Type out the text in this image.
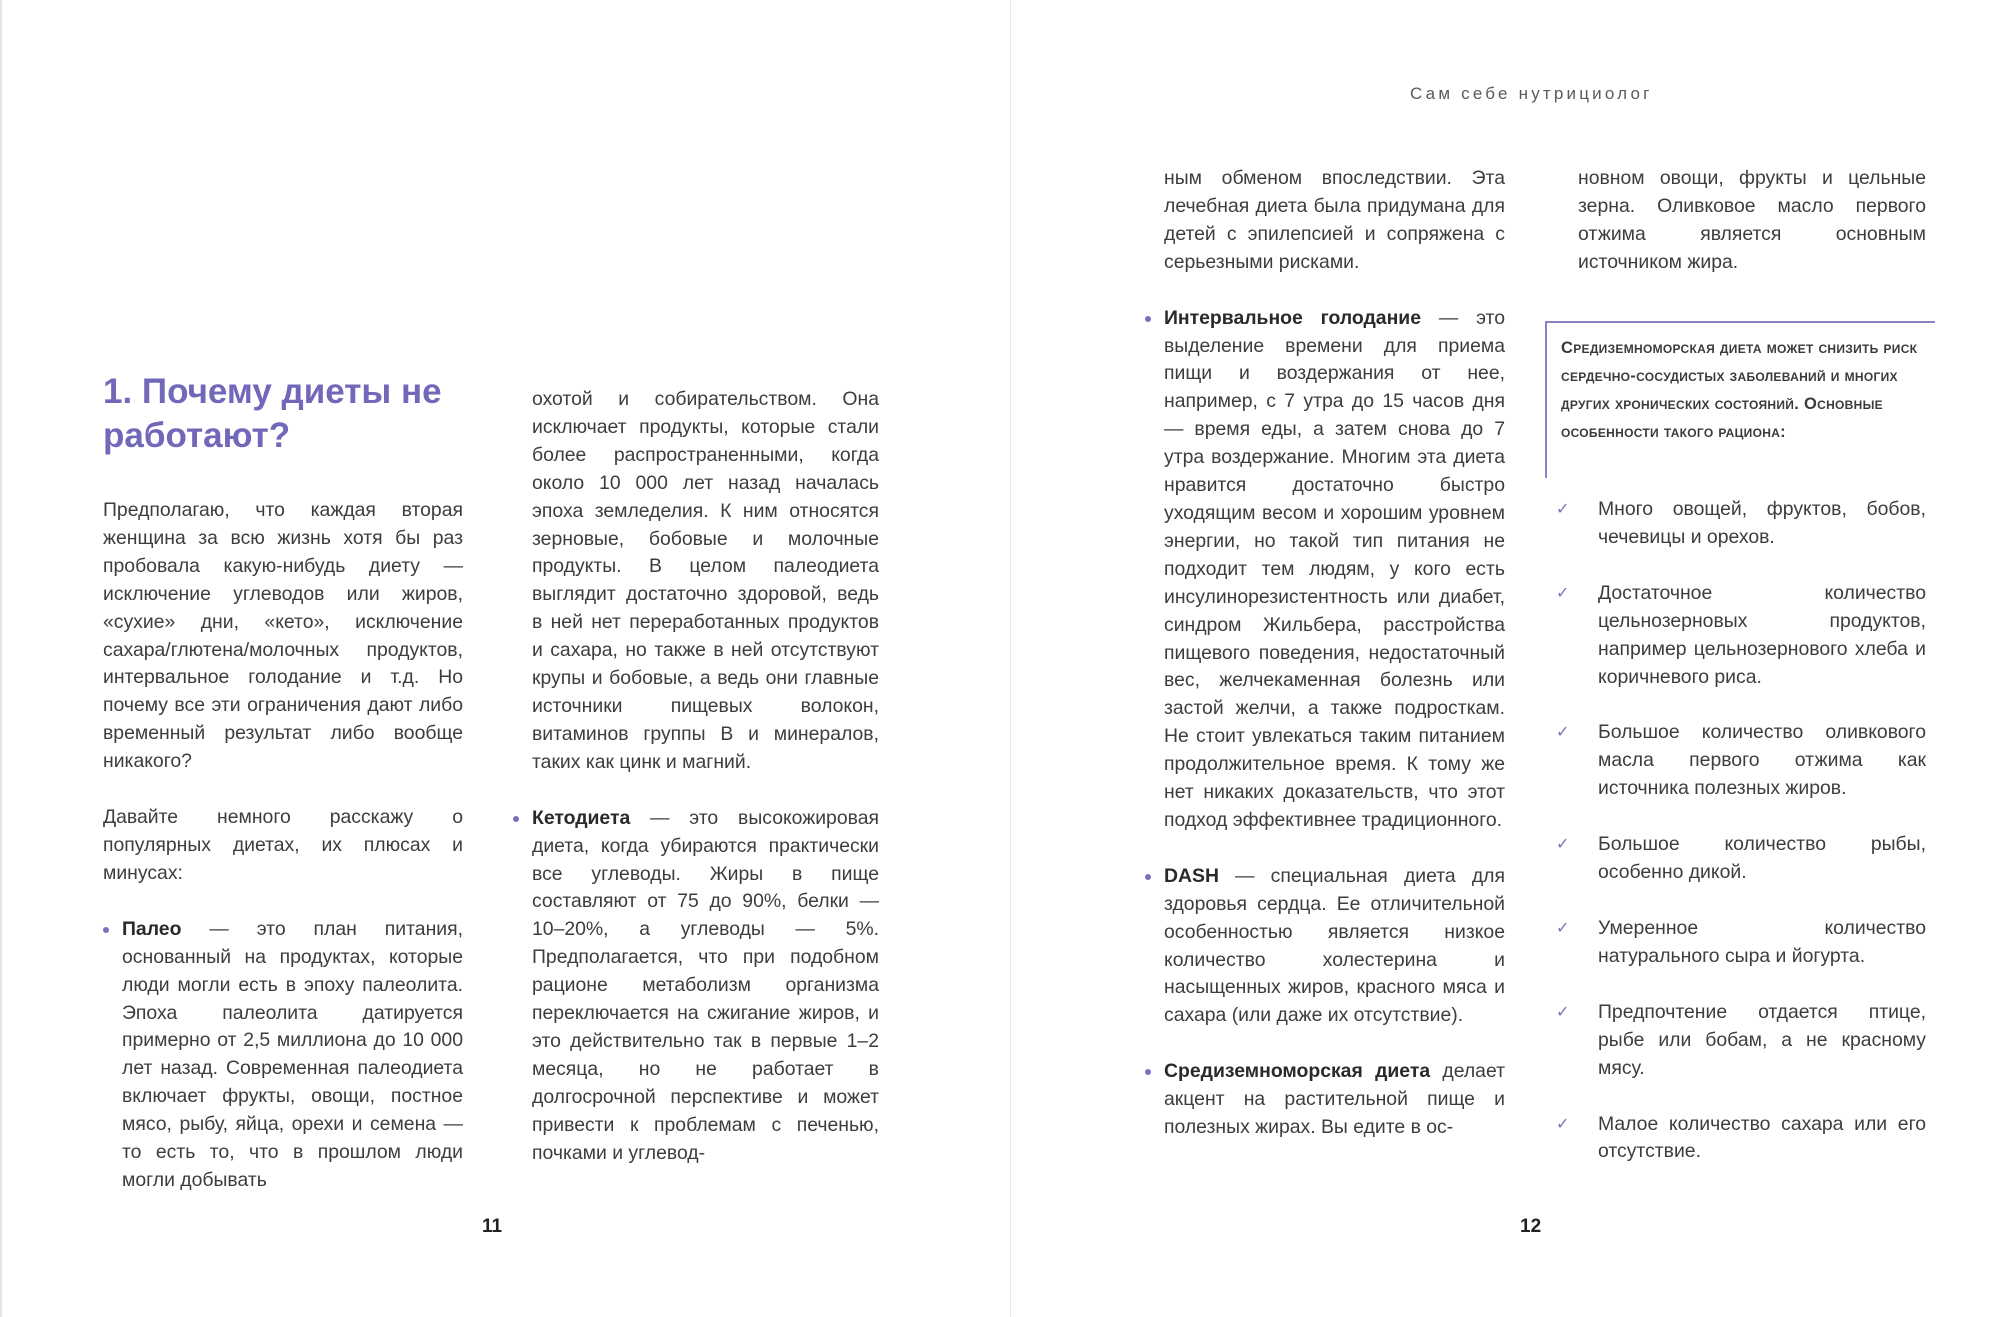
1. Почему диеты не работают?

Предполагаю, что каждая вторая женщина за всю жизнь хотя бы раз пробовала какую-нибудь диету — исключение углеводов или жиров, «сухие» дни, «кето», исключение сахара/глютена/молочных продуктов, интервальное голодание и т.д. Но почему все эти ограничения дают либо временный результат либо вообще никакого?

Давайте немного расскажу о популярных диетах, их плюсах и минусах:

Палео — это план питания, основанный на продуктах, которые люди могли есть в эпоху палеолита. Эпоха палеолита датируется примерно от 2,5 миллиона до 10 000 лет назад. Современная палеодиета включает фрукты, овощи, постное мясо, рыбу, яйца, орехи и семена — то есть то, что в прошлом люди могли добывать

охотой и собирательством. Она исключает продукты, которые стали более распространенными, когда около 10 000 лет назад началась эпоха земледелия. К ним относятся зерновые, бобовые и молочные продукты. В целом палеодиета выглядит достаточно здоровой, ведь в ней нет переработанных продуктов и сахара, но также в ней отсутствуют крупы и бобовые, а ведь они главные источники пищевых волокон, витаминов группы B и минералов, таких как цинк и магний.

Кетодиета — это высокожировая диета, когда убираются практически все углеводы. Жиры в пище составляют от 75 до 90%, белки — 10–20%, а углеводы — 5%. Предполагается, что при подобном рационе метаболизм организма переключается на сжигание жиров, и это действительно так в первые 1–2 месяца, но не работает в долгосрочной перспективе и может привести к проблемам с печенью, почками и углевод-

11
Сам себе нутрициолог

ным обменом впоследствии. Эта лечебная диета была придумана для детей с эпилепсией и сопряжена с серьезными рисками.

Интервальное голодание — это выделение времени для приема пищи и воздержания от нее, например, с 7 утра до 15 часов дня — время еды, а затем снова до 7 утра воздержание. Многим эта диета нравится достаточно быстро уходящим весом и хорошим уровнем энергии, но такой тип питания не подходит тем людям, у кого есть инсулинорезистентность или диабет, синдром Жильбера, расстройства пищевого поведения, недостаточный вес, желчекаменная болезнь или застой желчи, а также подросткам. Не стоит увлекаться таким питанием продолжительное время. К тому же нет никаких доказательств, что этот подход эффективнее традиционного.

DASH — специальная диета для здоровья сердца. Ее отличительной особенностью является низкое количество холестерина и насыщенных жиров, красного мяса и сахара (или даже их отсутствие).

Средиземноморская диета делает акцент на растительной пище и полезных жирах. Вы едите в ос-

новном овощи, фрукты и цельные зерна. Оливковое масло первого отжима является основным источником жира.

Средиземноморская диета может снизить риск сердечно-сосудистых заболеваний и многих других хронических состояний. Основные особенности такого рациона:
✓ Много овощей, фруктов, бобов, чечевицы и орехов.
✓ Достаточное количество цельнозерновых продуктов, например цельнозернового хлеба и коричневого риса.
✓ Большое количество оливкового масла первого отжима как источника полезных жиров.
✓ Большое количество рыбы, особенно дикой.
✓ Умеренное количество натурального сыра и йогурта.
✓ Предпочтение отдается птице, рыбе или бобам, а не красному мясу.
✓ Малое количество сахара или его отсутствие.
12
